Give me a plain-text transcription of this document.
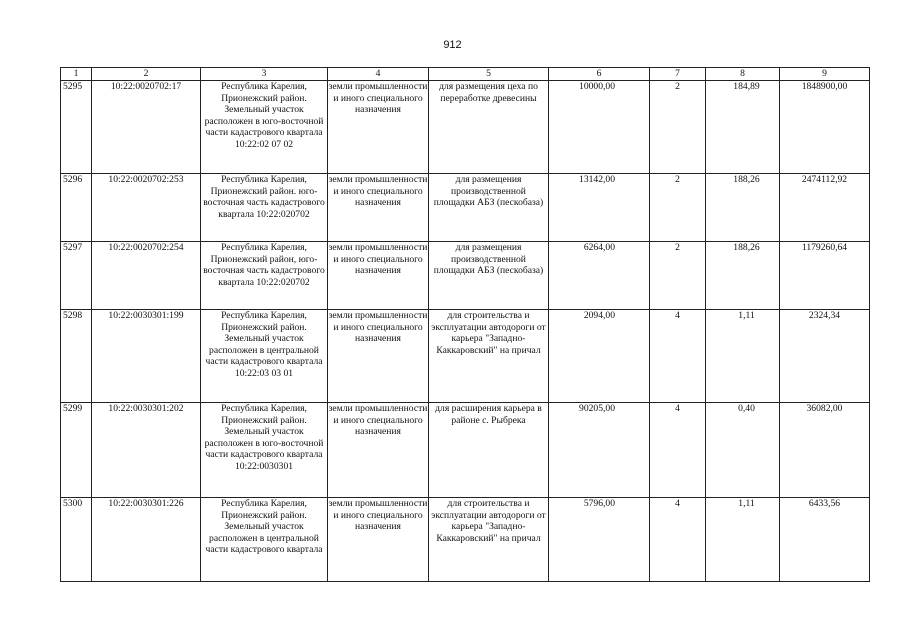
912
1	2	3	4	5	6	7	8	9
5295	10:22:0020702:17	Республика Карелия, Прионежский район. Земельный участок расположен в юго-восточной части кадастрового квартала 10:22:02 07 02	земли промышленности и иного специального назначения	для размещения цеха по переработке древесины	10000,00	2	184,89	1848900,00
5296	10:22:0020702:253	Республика Карелия, Прионежский район. юго-восточная часть кадастрового квартала 10:22:020702	земли промышленности и иного специального назначения	для размещения производственной площадки АБЗ (пескобаза)	13142,00	2	188,26	2474112,92
5297	10:22:0020702:254	Республика Карелия, Прионежский район, юго-восточная часть кадастрового квартала 10:22:020702	земли промышленности и иного специального назначения	для размещения производственной площадки АБЗ (пескобаза)	6264,00	2	188,26	1179260,64
5298	10:22:0030301:199	Республика Карелия, Прионежский район. Земельный участок расположен в центральной части кадастрового квартала 10:22:03 03 01	земли промышленности и иного специального назначения	для строительства и эксплуатации автодороги от карьера "Западно-Каккаровский" на причал	2094,00	4	1,11	2324,34
5299	10:22:0030301:202	Республика Карелия, Прионежский район. Земельный участок расположен в юго-восточной части кадастрового квартала 10:22:0030301	земли промышленности и иного специального назначения	для расширения карьера в районе с. Рыбрека	90205,00	4	0,40	36082,00
5300	10:22:0030301:226	Республика Карелия, Прионежский район. Земельный участок расположен в центральной части кадастрового квартала	земли промышленности и иного специального назначения	для строительства и эксплуатации автодороги от карьера "Западно-Каккаровский" на причал	5796,00	4	1,11	6433,56
